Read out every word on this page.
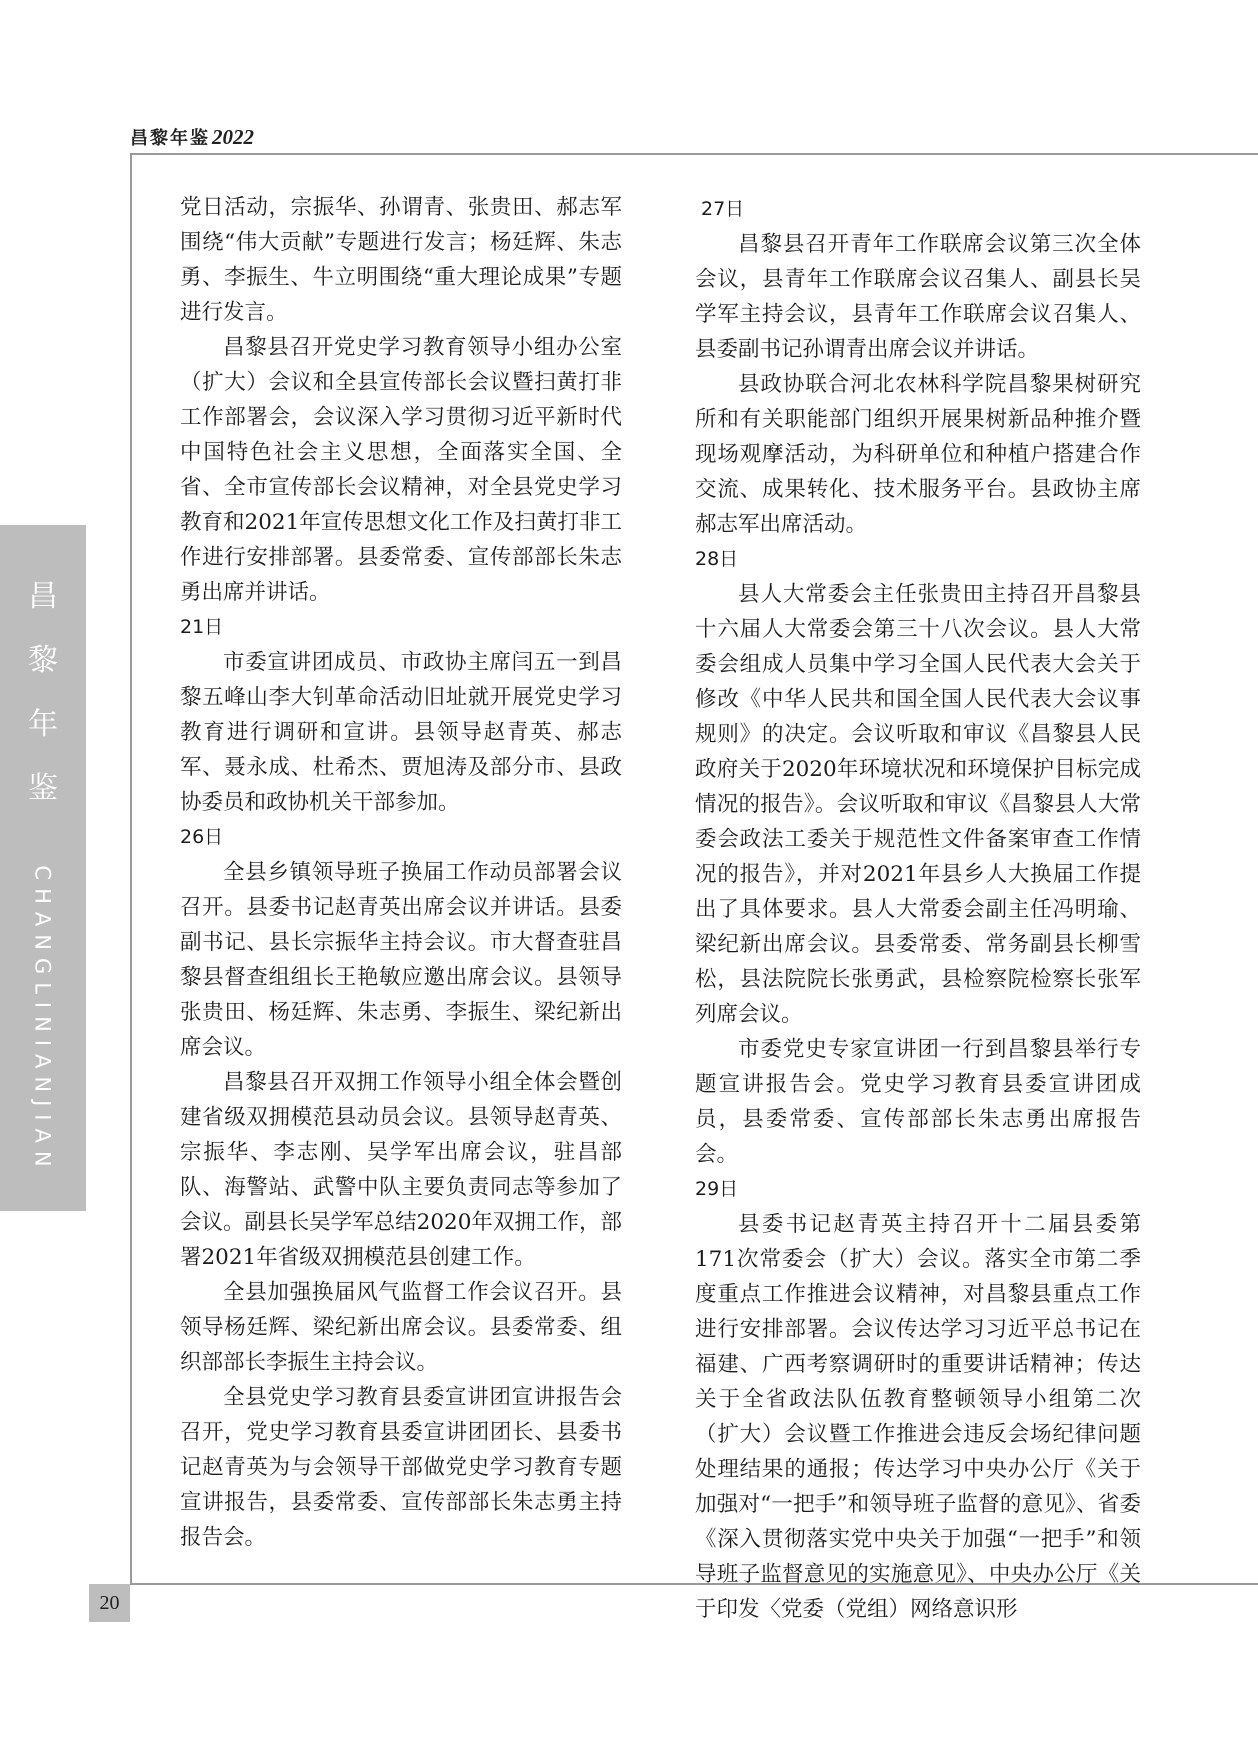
昌黎年鉴2022
昌
黎
年
鉴
CHANGLINIANJIAN
20

党日活动，宗振华、孙谓青、张贵田、郝志军围绕“伟大贡献”专题进行发言；杨廷辉、朱志勇、李振生、牛立明围绕“重大理论成果”专题进行发言。

昌黎县召开党史学习教育领导小组办公室（扩大）会议和全县宣传部长会议暨扫黄打非工作部署会，会议深入学习贯彻习近平新时代中国特色社会主义思想，全面落实全国、全省、全市宣传部长会议精神，对全县党史学习教育和2021年宣传思想文化工作及扫黄打非工作进行安排部署。县委常委、宣传部部长朱志勇出席并讲话。

21日

市委宣讲团成员、市政协主席闫五一到昌黎五峰山李大钊革命活动旧址就开展党史学习教育进行调研和宣讲。县领导赵青英、郝志军、聂永成、杜希杰、贾旭涛及部分市、县政协委员和政协机关干部参加。

26日

全县乡镇领导班子换届工作动员部署会议召开。县委书记赵青英出席会议并讲话。县委副书记、县长宗振华主持会议。市大督查驻昌黎县督查组组长王艳敏应邀出席会议。县领导张贵田、杨廷辉、朱志勇、李振生、梁纪新出席会议。

昌黎县召开双拥工作领导小组全体会暨创建省级双拥模范县动员会议。县领导赵青英、宗振华、李志刚、吴学军出席会议，驻昌部队、海警站、武警中队主要负责同志等参加了会议。副县长吴学军总结2020年双拥工作，部署2021年省级双拥模范县创建工作。

全县加强换届风气监督工作会议召开。县领导杨廷辉、梁纪新出席会议。县委常委、组织部部长李振生主持会议。

全县党史学习教育县委宣讲团宣讲报告会召开，党史学习教育县委宣讲团团长、县委书记赵青英为与会领导干部做党史学习教育专题宣讲报告，县委常委、宣传部部长朱志勇主持报告会。

27日

昌黎县召开青年工作联席会议第三次全体会议，县青年工作联席会议召集人、副县长吴学军主持会议，县青年工作联席会议召集人、县委副书记孙谓青出席会议并讲话。

县政协联合河北农林科学院昌黎果树研究所和有关职能部门组织开展果树新品种推介暨现场观摩活动，为科研单位和种植户搭建合作交流、成果转化、技术服务平台。县政协主席郝志军出席活动。

28日

县人大常委会主任张贵田主持召开昌黎县十六届人大常委会第三十八次会议。县人大常委会组成人员集中学习全国人民代表大会关于修改《中华人民共和国全国人民代表大会议事规则》的决定。会议听取和审议《昌黎县人民政府关于2020年环境状况和环境保护目标完成情况的报告》。会议听取和审议《昌黎县人大常委会政法工委关于规范性文件备案审查工作情况的报告》，并对2021年县乡人大换届工作提出了具体要求。县人大常委会副主任冯明瑜、梁纪新出席会议。县委常委、常务副县长柳雪松，县法院院长张勇武，县检察院检察长张军列席会议。

市委党史专家宣讲团一行到昌黎县举行专题宣讲报告会。党史学习教育县委宣讲团成员，县委常委、宣传部部长朱志勇出席报告会。

29日

县委书记赵青英主持召开十二届县委第171次常委会（扩大）会议。落实全市第二季度重点工作推进会议精神，对昌黎县重点工作进行安排部署。会议传达学习习近平总书记在福建、广西考察调研时的重要讲话精神；传达关于全省政法队伍教育整顿领导小组第二次（扩大）会议暨工作推进会违反会场纪律问题处理结果的通报；传达学习中央办公厅《关于加强对“一把手”和领导班子监督的意见》、省委《深入贯彻落实党中央关于加强“一把手”和领导班子监督意见的实施意见》、中央办公厅《关于印发〈党委（党组）网络意识形
